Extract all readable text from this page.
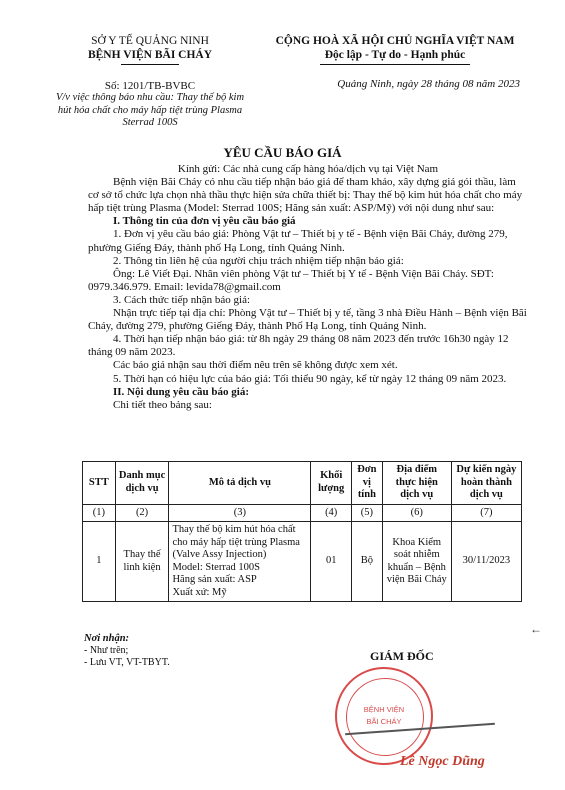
SỞ Y TẾ QUẢNG NINH
BỆNH VIỆN BÃI CHÁY
CỘNG HOÀ XÃ HỘI CHỦ NGHĨA VIỆT NAM
Độc lập - Tự do - Hạnh phúc
Số: 1201/TB-BVBC
V/v việc thông báo nhu cầu: Thay thế bộ kim hút hóa chất cho máy hấp tiệt trùng Plasma Sterrad 100S
Quảng Ninh, ngày 28 tháng 08 năm 2023
YÊU CẦU BÁO GIÁ

Kính gửi: Các nhà cung cấp hàng hóa/dịch vụ tại Việt Nam

Bệnh viện Bãi Cháy có nhu cầu tiếp nhận báo giá để tham khảo, xây dựng giá gói thầu, làm cơ sở tổ chức lựa chọn nhà thầu thực hiện sửa chữa thiết bị: Thay thế bộ kim hút hóa chất cho máy hấp tiệt trùng Plasma (Model: Sterrad 100S; Hãng sản xuất: ASP/Mỹ) với nội dung như sau:

I. Thông tin của đơn vị yêu cầu báo giá

1. Đơn vị yêu cầu báo giá: Phòng Vật tư – Thiết bị y tế - Bệnh viện Bãi Cháy, đường 279, phường Giếng Đáy, thành phố Hạ Long, tỉnh Quảng Ninh.

2. Thông tin liên hệ của người chịu trách nhiệm tiếp nhận báo giá:

Ông: Lê Viết Đại. Nhân viên phòng Vật tư – Thiết bị Y tế - Bệnh Viện Bãi Cháy. SĐT: 0979.346.979. Email: levida78@gmail.com

3. Cách thức tiếp nhận báo giá:

Nhận trực tiếp tại địa chỉ: Phòng Vật tư – Thiết bị y tế, tầng 3 nhà Điều Hành – Bệnh viện Bãi Cháy, đường 279, phường Giếng Đáy, thành Phố Hạ Long, tỉnh Quảng Ninh.

4. Thời hạn tiếp nhận báo giá: từ 8h ngày 29 tháng 08 năm 2023 đến trước 16h30 ngày 12 tháng 09 năm 2023.

Các báo giá nhận sau thời điểm nêu trên sẽ không được xem xét.

5. Thời hạn có hiệu lực của báo giá: Tối thiểu 90 ngày, kể từ ngày 12 tháng 09 năm 2023.

II. Nội dung yêu cầu báo giá:

Chi tiết theo bảng sau:

STT	Danh mục dịch vụ	Mô tả dịch vụ	Khối lượng	Đơn vị tính	Địa điểm thực hiện dịch vụ	Dự kiến ngày hoàn thành dịch vụ
(1)	(2)	(3)	(4)	(5)	(6)	(7)
1	Thay thế linh kiện	Thay thế bộ kim hút hóa chất cho máy hấp tiệt trùng Plasma (Valve Assy Injection)
Model: Sterrad 100S
Hãng sản xuất: ASP
Xuất xứ: Mỹ	01	Bộ	Khoa Kiểm soát nhiễm khuẩn – Bệnh viện Bãi Cháy	30/11/2023
←
Nơi nhận:
- Như trên;
- Lưu VT, VT-TBYT.	GIÁM ĐỐC
BỆNH VIỆN
BÃI CHÁY
Lê Ngọc Dũng
